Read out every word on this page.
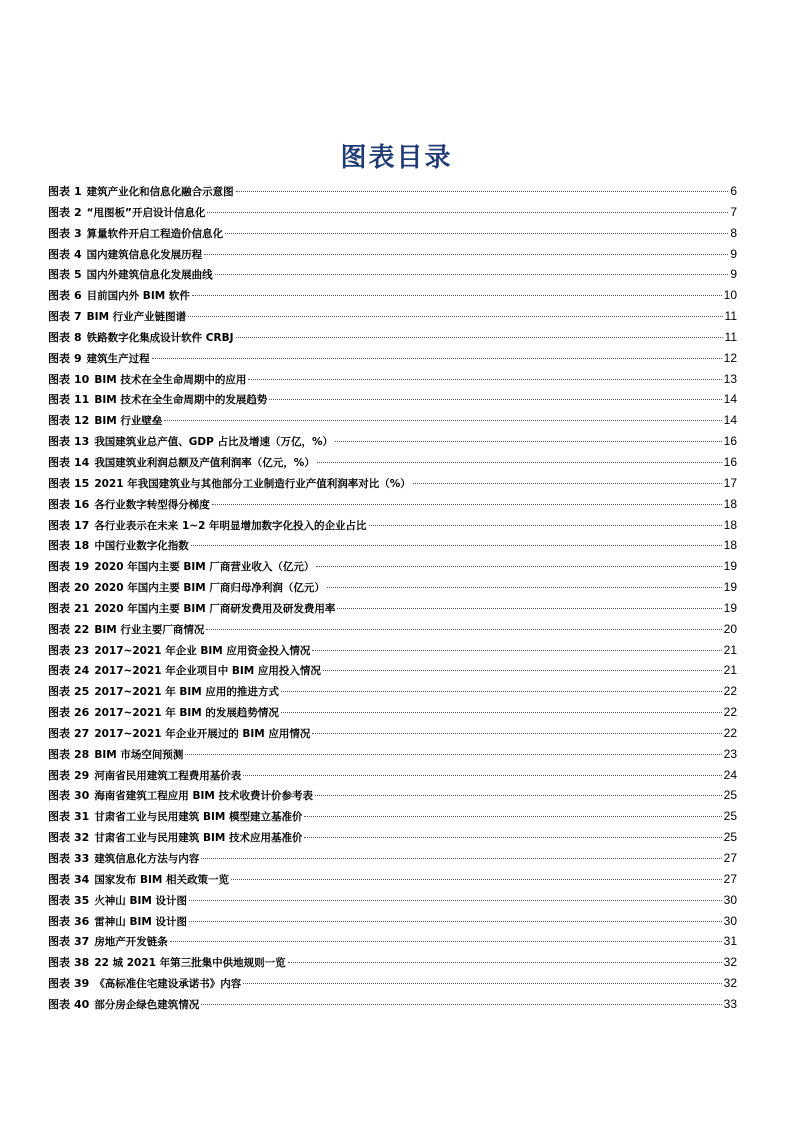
图表目录
图表 1 建筑产业化和信息化融合示意图	6
图表 2 “甩图板”开启设计信息化	7
图表 3 算量软件开启工程造价信息化	8
图表 4 国内建筑信息化发展历程	9
图表 5 国内外建筑信息化发展曲线	9
图表 6 目前国内外 BIM 软件	10
图表 7 BIM 行业产业链图谱	11
图表 8 铁路数字化集成设计软件 CRBJ	11
图表 9 建筑生产过程	12
图表 10 BIM 技术在全生命周期中的应用	13
图表 11 BIM 技术在全生命周期中的发展趋势	14
图表 12 BIM 行业壁垒	14
图表 13 我国建筑业总产值、GDP 占比及增速（万亿，%）	16
图表 14 我国建筑业利润总额及产值利润率（亿元，%）	16
图表 15 2021 年我国建筑业与其他部分工业制造行业产值利润率对比（%）	17
图表 16 各行业数字转型得分梯度	18
图表 17 各行业表示在未来 1~2 年明显增加数字化投入的企业占比	18
图表 18 中国行业数字化指数	18
图表 19 2020 年国内主要 BIM 厂商营业收入（亿元）	19
图表 20 2020 年国内主要 BIM 厂商归母净利润（亿元）	19
图表 21 2020 年国内主要 BIM 厂商研发费用及研发费用率	19
图表 22 BIM 行业主要厂商情况	20
图表 23 2017~2021 年企业 BIM 应用资金投入情况	21
图表 24 2017~2021 年企业项目中 BIM 应用投入情况	21
图表 25 2017~2021 年 BIM 应用的推进方式	22
图表 26 2017~2021 年 BIM 的发展趋势情况	22
图表 27 2017~2021 年企业开展过的 BIM 应用情况	22
图表 28 BIM 市场空间预测	23
图表 29 河南省民用建筑工程费用基价表	24
图表 30 海南省建筑工程应用 BIM 技术收费计价参考表	25
图表 31 甘肃省工业与民用建筑 BIM 模型建立基准价	25
图表 32 甘肃省工业与民用建筑 BIM 技术应用基准价	25
图表 33 建筑信息化方法与内容	27
图表 34 国家发布 BIM 相关政策一览	27
图表 35 火神山 BIM 设计图	30
图表 36 雷神山 BIM 设计图	30
图表 37 房地产开发链条	31
图表 38 22 城 2021 年第三批集中供地规则一览	32
图表 39 《高标准住宅建设承诺书》内容	32
图表 40 部分房企绿色建筑情况	33
